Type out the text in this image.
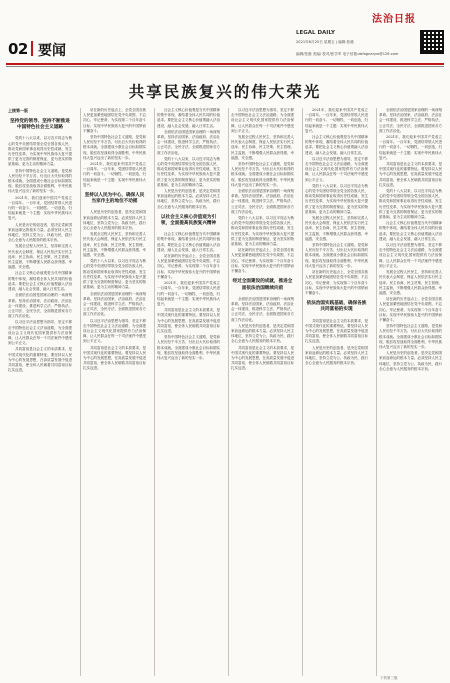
02 要闻
法治日报
LEGAL DAILY
2021年6月25日 星期五 | 编辑:张港
编辑/张港 美编/ 校对/张学军 电子信箱:zbfagnaryw@126.com
共享民族复兴的伟大荣光
上接第一版
坚持党的领导、坚持不断推进中国特色社会主义道路

党的十八大以来，以习近平同志为核心的党中央团结带领全党全国各族人民，推动党和国家事业取得历史性成就、发生历史性变革，为实现中华民族伟大复兴提供了更为完善的制度保证、更为坚实的物质基础、更为主动的精神力量。

坚持中国特色社会主义道路，是党和人民历经千辛万苦、付出巨大代价取得的根本成就。全面建成小康社会目标如期实现，脱贫攻坚战取得全面胜利，中华民族伟大复兴迈出了新的坚实一步。

2021年，我们迎来中国共产党成立一百周年。一百年来，党团结带领人民进行的一切奋斗、一切牺牲、一切创造，归结起来就是一个主题：实现中华民族伟大复兴。

人民是历史的创造者，是决定党和国家前途命运的根本力量。必须坚持人民主体地位，坚持立党为公、执政为民，践行全心全意为人民服务的根本宗旨。

发展全过程人民民主，坚持和完善人民代表大会制度，保证人民依法实行民主选举、民主协商、民主决策、民主管理、民主监督，不断增强人民群众获得感、幸福感、安全感。

社会主义核心价值观是当代中国精神的集中体现，凝结着全体人民共同的价值追求。要把社会主义核心价值观融入法治建设、融入社会发展、融入日常生活。

全面依法治国是国家治理的一场深刻革命。坚持法治国家、法治政府、法治社会一体建设，推进科学立法、严格执法、公正司法、全民守法，全面推进国家各方面工作法治化。

以习近平法治思想为指导，坚定不移走中国特色社会主义法治道路，为全面建设社会主义现代化国家提供有力法治保障，让人民群众在每一个司法案件中感受到公平正义。

共同富裕是社会主义的本质要求，是中国式现代化的重要特征。要坚持以人民为中心的发展思想，在高质量发展中促进共同富裕，使全体人民朝着共同富裕目标扎实迈进。

站在新的历史起点上，全党全国各族人民更加紧密地团结在党中央周围，不忘初心、牢记使命，为实现第二个百年奋斗目标、实现中华民族伟大复兴的中国梦而不懈奋斗。

坚持中国特色社会主义道路，是党和人民历经千辛万苦、付出巨大代价取得的根本成就。全面建成小康社会目标如期实现，脱贫攻坚战取得全面胜利，中华民族伟大复兴迈出了新的坚实一步。

2021年，我们迎来中国共产党成立一百周年。一百年来，党团结带领人民进行的一切奋斗、一切牺牲、一切创造，归结起来就是一个主题：实现中华民族伟大复兴。

坚持以人民为中心，确保人民当家作主的地位不动摇

人民是历史的创造者，是决定党和国家前途命运的根本力量。必须坚持人民主体地位，坚持立党为公、执政为民，践行全心全意为人民服务的根本宗旨。

发展全过程人民民主，坚持和完善人民代表大会制度，保证人民依法实行民主选举、民主协商、民主决策、民主管理、民主监督，不断增强人民群众获得感、幸福感、安全感。

党的十八大以来，以习近平同志为核心的党中央团结带领全党全国各族人民，推动党和国家事业取得历史性成就、发生历史性变革，为实现中华民族伟大复兴提供了更为完善的制度保证、更为坚实的物质基础、更为主动的精神力量。

全面依法治国是国家治理的一场深刻革命。坚持法治国家、法治政府、法治社会一体建设，推进科学立法、严格执法、公正司法、全民守法，全面推进国家各方面工作法治化。

以习近平法治思想为指导，坚定不移走中国特色社会主义法治道路，为全面建设社会主义现代化国家提供有力法治保障，让人民群众在每一个司法案件中感受到公平正义。

共同富裕是社会主义的本质要求，是中国式现代化的重要特征。要坚持以人民为中心的发展思想，在高质量发展中促进共同富裕，使全体人民朝着共同富裕目标扎实迈进。

社会主义核心价值观是当代中国精神的集中体现，凝结着全体人民共同的价值追求。要把社会主义核心价值观融入法治建设、融入社会发展、融入日常生活。

全面依法治国是国家治理的一场深刻革命。坚持法治国家、法治政府、法治社会一体建设，推进科学立法、严格执法、公正司法、全民守法，全面推进国家各方面工作法治化。

党的十八大以来，以习近平同志为核心的党中央团结带领全党全国各族人民，推动党和国家事业取得历史性成就、发生历史性变革，为实现中华民族伟大复兴提供了更为完善的制度保证、更为坚实的物质基础、更为主动的精神力量。

人民是历史的创造者，是决定党和国家前途命运的根本力量。必须坚持人民主体地位，坚持立党为公、执政为民，践行全心全意为人民服务的根本宗旨。

以社会主义核心价值观为引领，全面提高民族复兴精神

社会主义核心价值观是当代中国精神的集中体现，凝结着全体人民共同的价值追求。要把社会主义核心价值观融入法治建设、融入社会发展、融入日常生活。

站在新的历史起点上，全党全国各族人民更加紧密地团结在党中央周围，不忘初心、牢记使命，为实现第二个百年奋斗目标、实现中华民族伟大复兴的中国梦而不懈奋斗。

2021年，我们迎来中国共产党成立一百周年。一百年来，党团结带领人民进行的一切奋斗、一切牺牲、一切创造，归结起来就是一个主题：实现中华民族伟大复兴。

共同富裕是社会主义的本质要求，是中国式现代化的重要特征。要坚持以人民为中心的发展思想，在高质量发展中促进共同富裕，使全体人民朝着共同富裕目标扎实迈进。

坚持中国特色社会主义道路，是党和人民历经千辛万苦、付出巨大代价取得的根本成就。全面建成小康社会目标如期实现，脱贫攻坚战取得全面胜利，中华民族伟大复兴迈出了新的坚实一步。

以习近平法治思想为指导，坚定不移走中国特色社会主义法治道路，为全面建设社会主义现代化国家提供有力法治保障，让人民群众在每一个司法案件中感受到公平正义。

发展全过程人民民主，坚持和完善人民代表大会制度，保证人民依法实行民主选举、民主协商、民主决策、民主管理、民主监督，不断增强人民群众获得感、幸福感、安全感。

坚持中国特色社会主义道路，是党和人民历经千辛万苦、付出巨大代价取得的根本成就。全面建成小康社会目标如期实现，脱贫攻坚战取得全面胜利，中华民族伟大复兴迈出了新的坚实一步。

全面依法治国是国家治理的一场深刻革命。坚持法治国家、法治政府、法治社会一体建设，推进科学立法、严格执法、公正司法、全民守法，全面推进国家各方面工作法治化。

党的十八大以来，以习近平同志为核心的党中央团结带领全党全国各族人民，推动党和国家事业取得历史性成就、发生历史性变革，为实现中华民族伟大复兴提供了更为完善的制度保证、更为坚实的物质基础、更为主动的精神力量。

站在新的历史起点上，全党全国各族人民更加紧密地团结在党中央周围，不忘初心、牢记使命，为实现第二个百年奋斗目标、实现中华民族伟大复兴的中国梦而不懈奋斗。

经过全面建设的成就，推进全面依法治国继续向前

全面依法治国是国家治理的一场深刻革命。坚持法治国家、法治政府、法治社会一体建设，推进科学立法、严格执法、公正司法、全民守法，全面推进国家各方面工作法治化。

人民是历史的创造者，是决定党和国家前途命运的根本力量。必须坚持人民主体地位，坚持立党为公、执政为民，践行全心全意为人民服务的根本宗旨。

共同富裕是社会主义的本质要求，是中国式现代化的重要特征。要坚持以人民为中心的发展思想，在高质量发展中促进共同富裕，使全体人民朝着共同富裕目标扎实迈进。

2021年，我们迎来中国共产党成立一百周年。一百年来，党团结带领人民进行的一切奋斗、一切牺牲、一切创造，归结起来就是一个主题：实现中华民族伟大复兴。

社会主义核心价值观是当代中国精神的集中体现，凝结着全体人民共同的价值追求。要把社会主义核心价值观融入法治建设、融入社会发展、融入日常生活。

以习近平法治思想为指导，坚定不移走中国特色社会主义法治道路，为全面建设社会主义现代化国家提供有力法治保障，让人民群众在每一个司法案件中感受到公平正义。

党的十八大以来，以习近平同志为核心的党中央团结带领全党全国各族人民，推动党和国家事业取得历史性成就、发生历史性变革，为实现中华民族伟大复兴提供了更为完善的制度保证、更为坚实的物质基础、更为主动的精神力量。

发展全过程人民民主，坚持和完善人民代表大会制度，保证人民依法实行民主选举、民主协商、民主决策、民主管理、民主监督，不断增强人民群众获得感、幸福感、安全感。

坚持中国特色社会主义道路，是党和人民历经千辛万苦、付出巨大代价取得的根本成就。全面建成小康社会目标如期实现，脱贫攻坚战取得全面胜利，中华民族伟大复兴迈出了新的坚实一步。

站在新的历史起点上，全党全国各族人民更加紧密地团结在党中央周围，不忘初心、牢记使命，为实现第二个百年奋斗目标、实现中华民族伟大复兴的中国梦而不懈奋斗。

依法治国实践基础，确保各族共同富裕的实现

共同富裕是社会主义的本质要求，是中国式现代化的重要特征。要坚持以人民为中心的发展思想，在高质量发展中促进共同富裕，使全体人民朝着共同富裕目标扎实迈进。

人民是历史的创造者，是决定党和国家前途命运的根本力量。必须坚持人民主体地位，坚持立党为公、执政为民，践行全心全意为人民服务的根本宗旨。

全面依法治国是国家治理的一场深刻革命。坚持法治国家、法治政府、法治社会一体建设，推进科学立法、严格执法、公正司法、全民守法，全面推进国家各方面工作法治化。

2021年，我们迎来中国共产党成立一百周年。一百年来，党团结带领人民进行的一切奋斗、一切牺牲、一切创造，归结起来就是一个主题：实现中华民族伟大复兴。

共同富裕是社会主义的本质要求，是中国式现代化的重要特征。要坚持以人民为中心的发展思想，在高质量发展中促进共同富裕，使全体人民朝着共同富裕目标扎实迈进。

党的十八大以来，以习近平同志为核心的党中央团结带领全党全国各族人民，推动党和国家事业取得历史性成就、发生历史性变革，为实现中华民族伟大复兴提供了更为完善的制度保证、更为坚实的物质基础、更为主动的精神力量。

社会主义核心价值观是当代中国精神的集中体现，凝结着全体人民共同的价值追求。要把社会主义核心价值观融入法治建设、融入社会发展、融入日常生活。

以习近平法治思想为指导，坚定不移走中国特色社会主义法治道路，为全面建设社会主义现代化国家提供有力法治保障，让人民群众在每一个司法案件中感受到公平正义。

发展全过程人民民主，坚持和完善人民代表大会制度，保证人民依法实行民主选举、民主协商、民主决策、民主管理、民主监督，不断增强人民群众获得感、幸福感、安全感。

站在新的历史起点上，全党全国各族人民更加紧密地团结在党中央周围，不忘初心、牢记使命，为实现第二个百年奋斗目标、实现中华民族伟大复兴的中国梦而不懈奋斗。

坚持中国特色社会主义道路，是党和人民历经千辛万苦、付出巨大代价取得的根本成就。全面建成小康社会目标如期实现，脱贫攻坚战取得全面胜利，中华民族伟大复兴迈出了新的坚实一步。

人民是历史的创造者，是决定党和国家前途命运的根本力量。必须坚持人民主体地位，坚持立党为公、执政为民，践行全心全意为人民服务的根本宗旨。

下转第三版
